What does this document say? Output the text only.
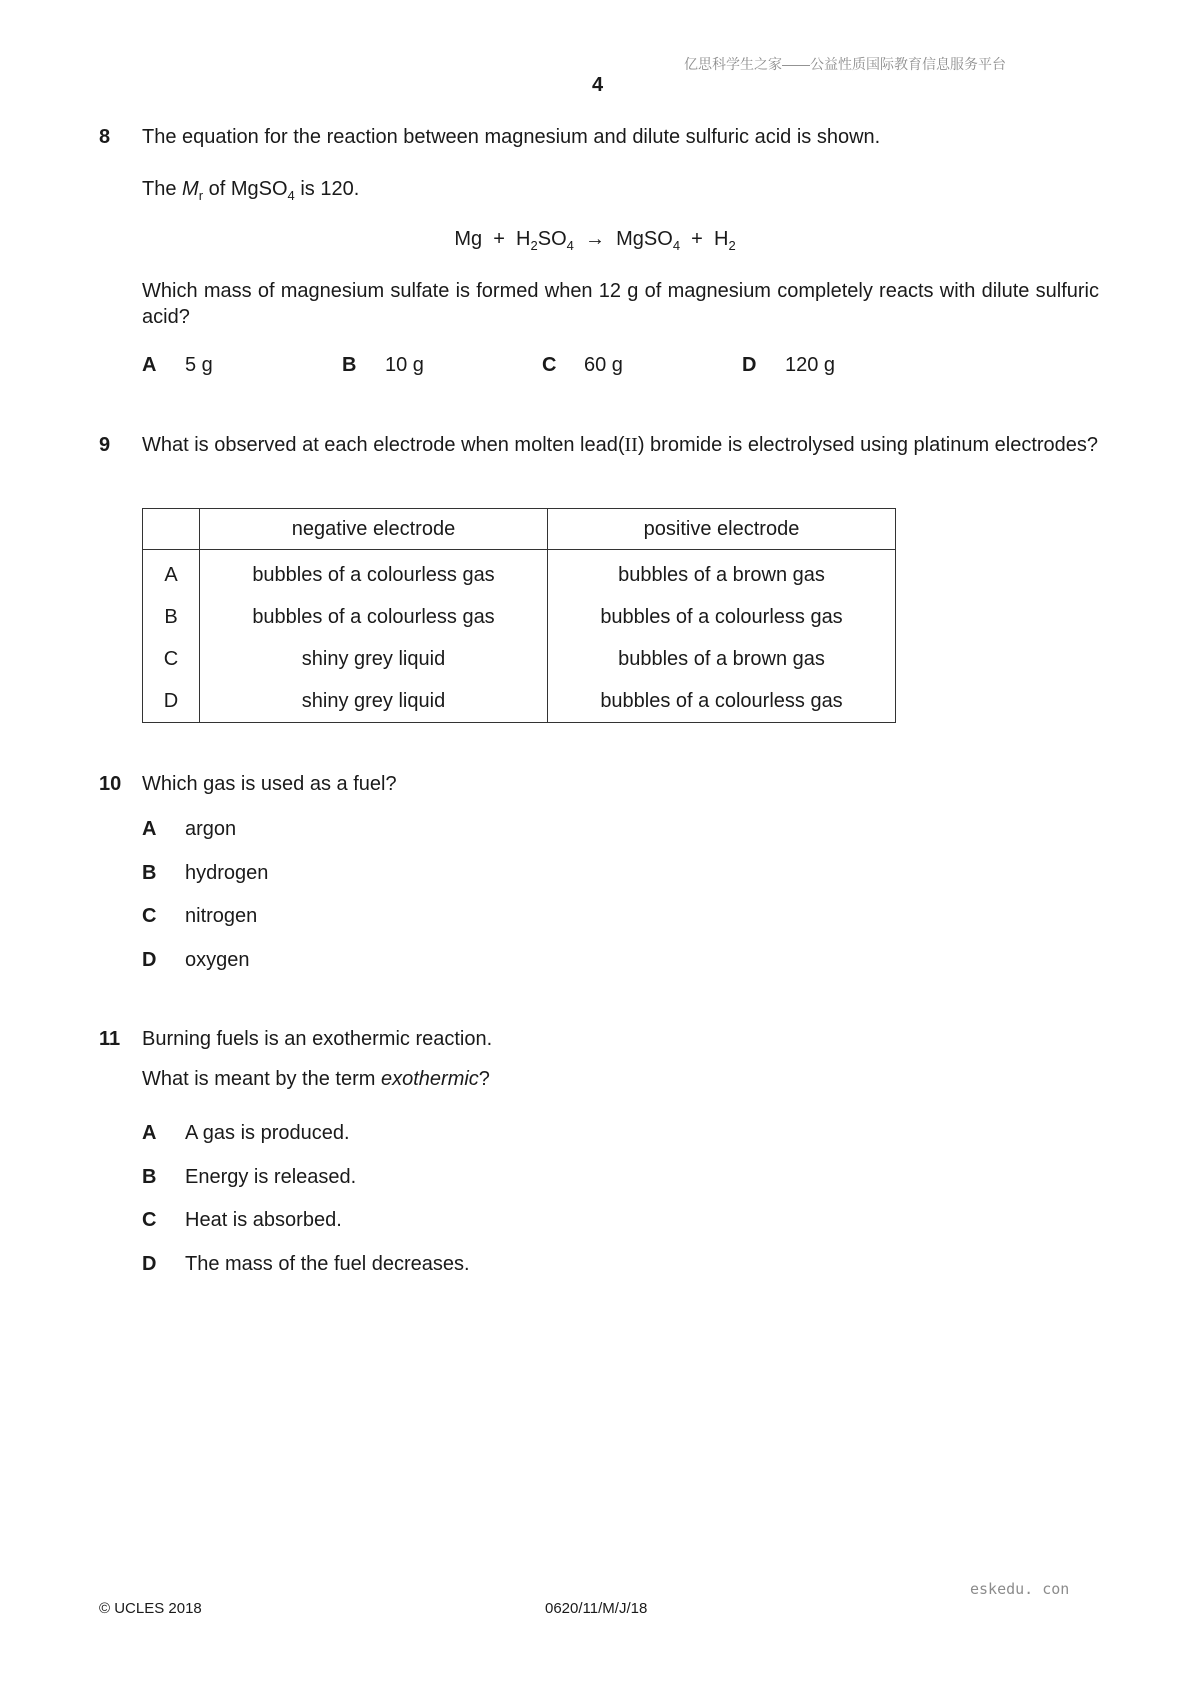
亿思科学生之家——公益性质国际教育信息服务平台
4
8 The equation for the reaction between magnesium and dilute sulfuric acid is shown.
The $M_r$ of MgSO$_4$ is 120.
$Mg + H_2SO_4$ → MgSO$_4$ + $H_2$
Which mass of magnesium sulfate is formed when 12 g of magnesium completely reacts with dilute sulfuric acid?
A 5 g	B 10 g	C 60 g	D 120 g
9 What is observed at each electrode when molten lead(II) bromide is electrolysed using platinum electrodes?
	negative electrode	positive electrode
A	bubbles of a colourless gas	bubbles of a brown gas
B	bubbles of a colourless gas	bubbles of a colourless gas
C	shiny grey liquid	bubbles of a brown gas
D	shiny grey liquid	bubbles of a colourless gas
10 Which gas is used as a fuel?
A argon
B hydrogen
C nitrogen
D oxygen
11 Burning fuels is an exothermic reaction.
What is meant by the term exothermic?
A A gas is produced.
B Energy is released.
C Heat is absorbed.
D The mass of the fuel decreases.
eskedu. con
© UCLES 2018	0620/11/M/J/18
